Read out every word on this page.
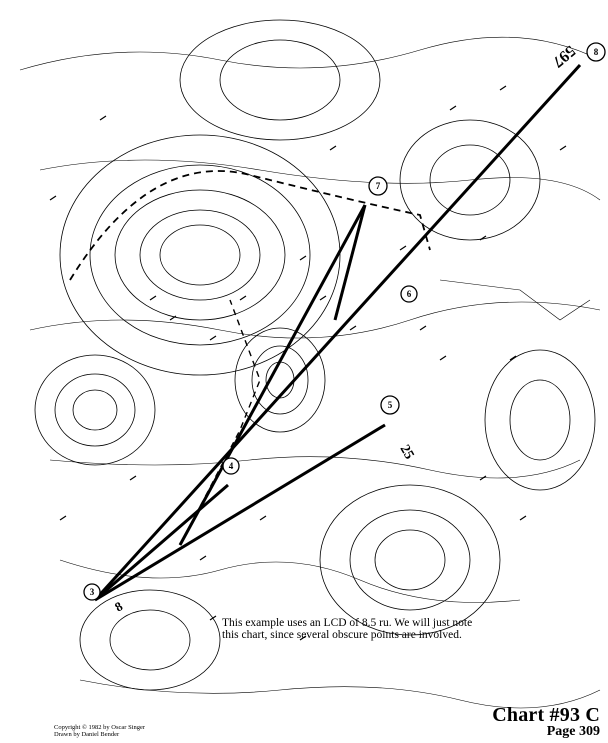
8
7
6
5
4
3
597
25
8
This example uses an LCD of 8.5 ru. We will just note
this chart, since several obscure points are involved.
Copyright © 1982 by Oscar Singer
Drawn by Daniel Bender
Chart #93 C
Page 309
